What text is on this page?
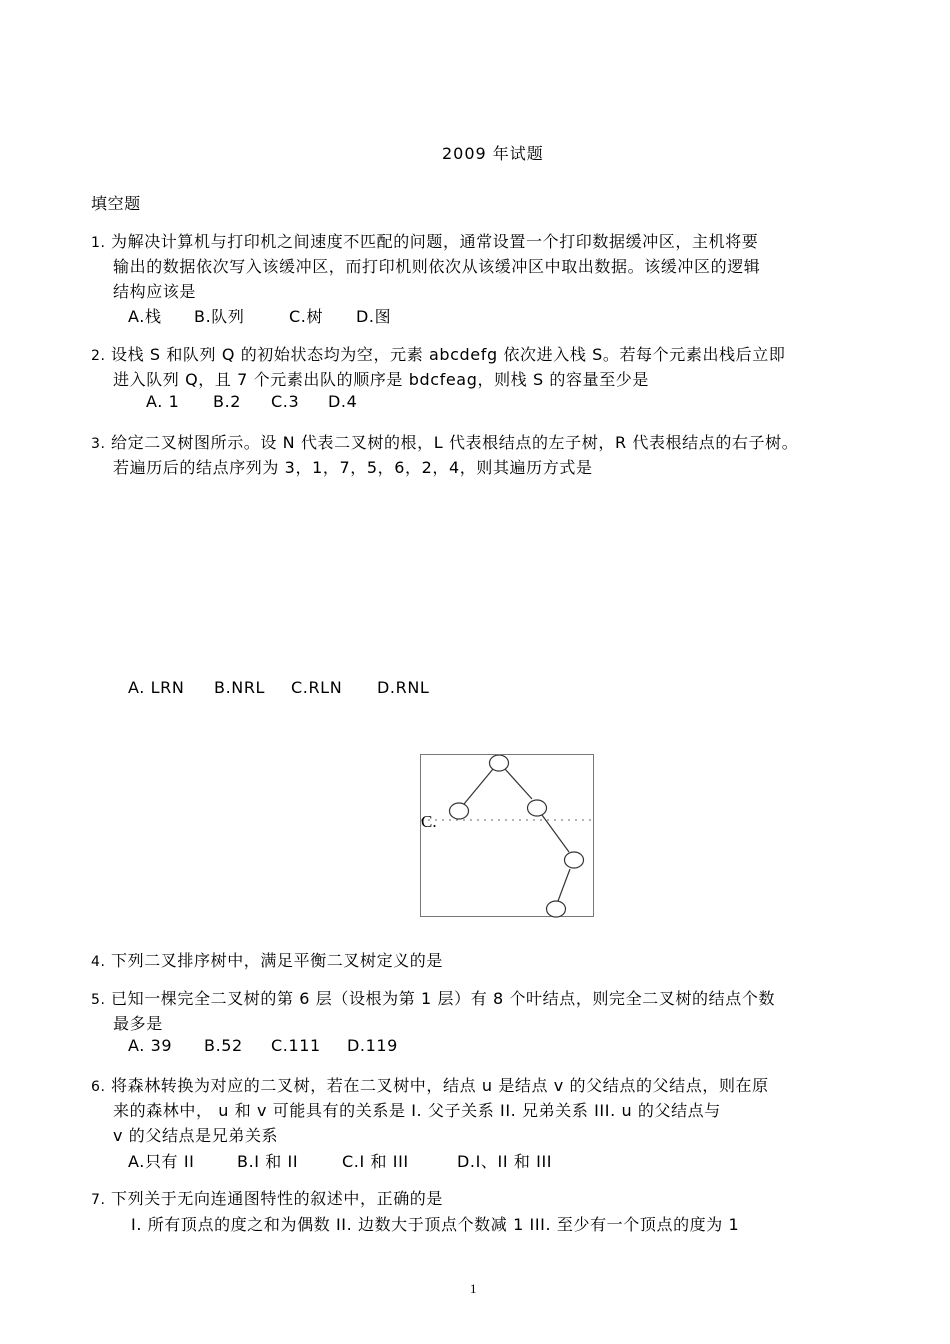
2009 年试题
填空题
1. 为解决计算机与打印机之间速度不匹配的问题，通常设置一个打印数据缓冲区，主机将要
输出的数据依次写入该缓冲区，而打印机则依次从该缓冲区中取出数据。该缓冲区的逻辑
结构应该是
A.栈 B.队列	C.树 D.图
2. 设栈 S 和队列 Q 的初始状态均为空，元素 abcdefg 依次进入栈 S。若每个元素出栈后立即
进入队列 Q，且 7 个元素出队的顺序是 bdcfeag，则栈 S 的容量至少是
A. 1 B.2 C.3 D.4
3. 给定二叉树图所示。设 N 代表二叉树的根，L 代表根结点的左子树，R 代表根结点的右子树。
若遍历后的结点序列为 3，1，7，5，6，2，4，则其遍历方式是
A. LRN B.NRL C.RLN D.RNL
C.
4. 下列二叉排序树中，满足平衡二叉树定义的是
5. 已知一棵完全二叉树的第 6 层（设根为第 1 层）有 8 个叶结点，则完全二叉树的结点个数
最多是
A. 39 B.52 C.111 D.119
6. 将森林转换为对应的二叉树，若在二叉树中，结点 u 是结点 v 的父结点的父结点，则在原
来的森林中， u 和 v 可能具有的关系是 I. 父子关系 II. 兄弟关系 III. u 的父结点与
v 的父结点是兄弟关系
A.只有 II	B.I 和 II	C.I 和 III	D.I、II 和 III
7. 下列关于无向连通图特性的叙述中，正确的是
I. 所有顶点的度之和为偶数 II. 边数大于顶点个数减 1 III. 至少有一个顶点的度为 1
1
